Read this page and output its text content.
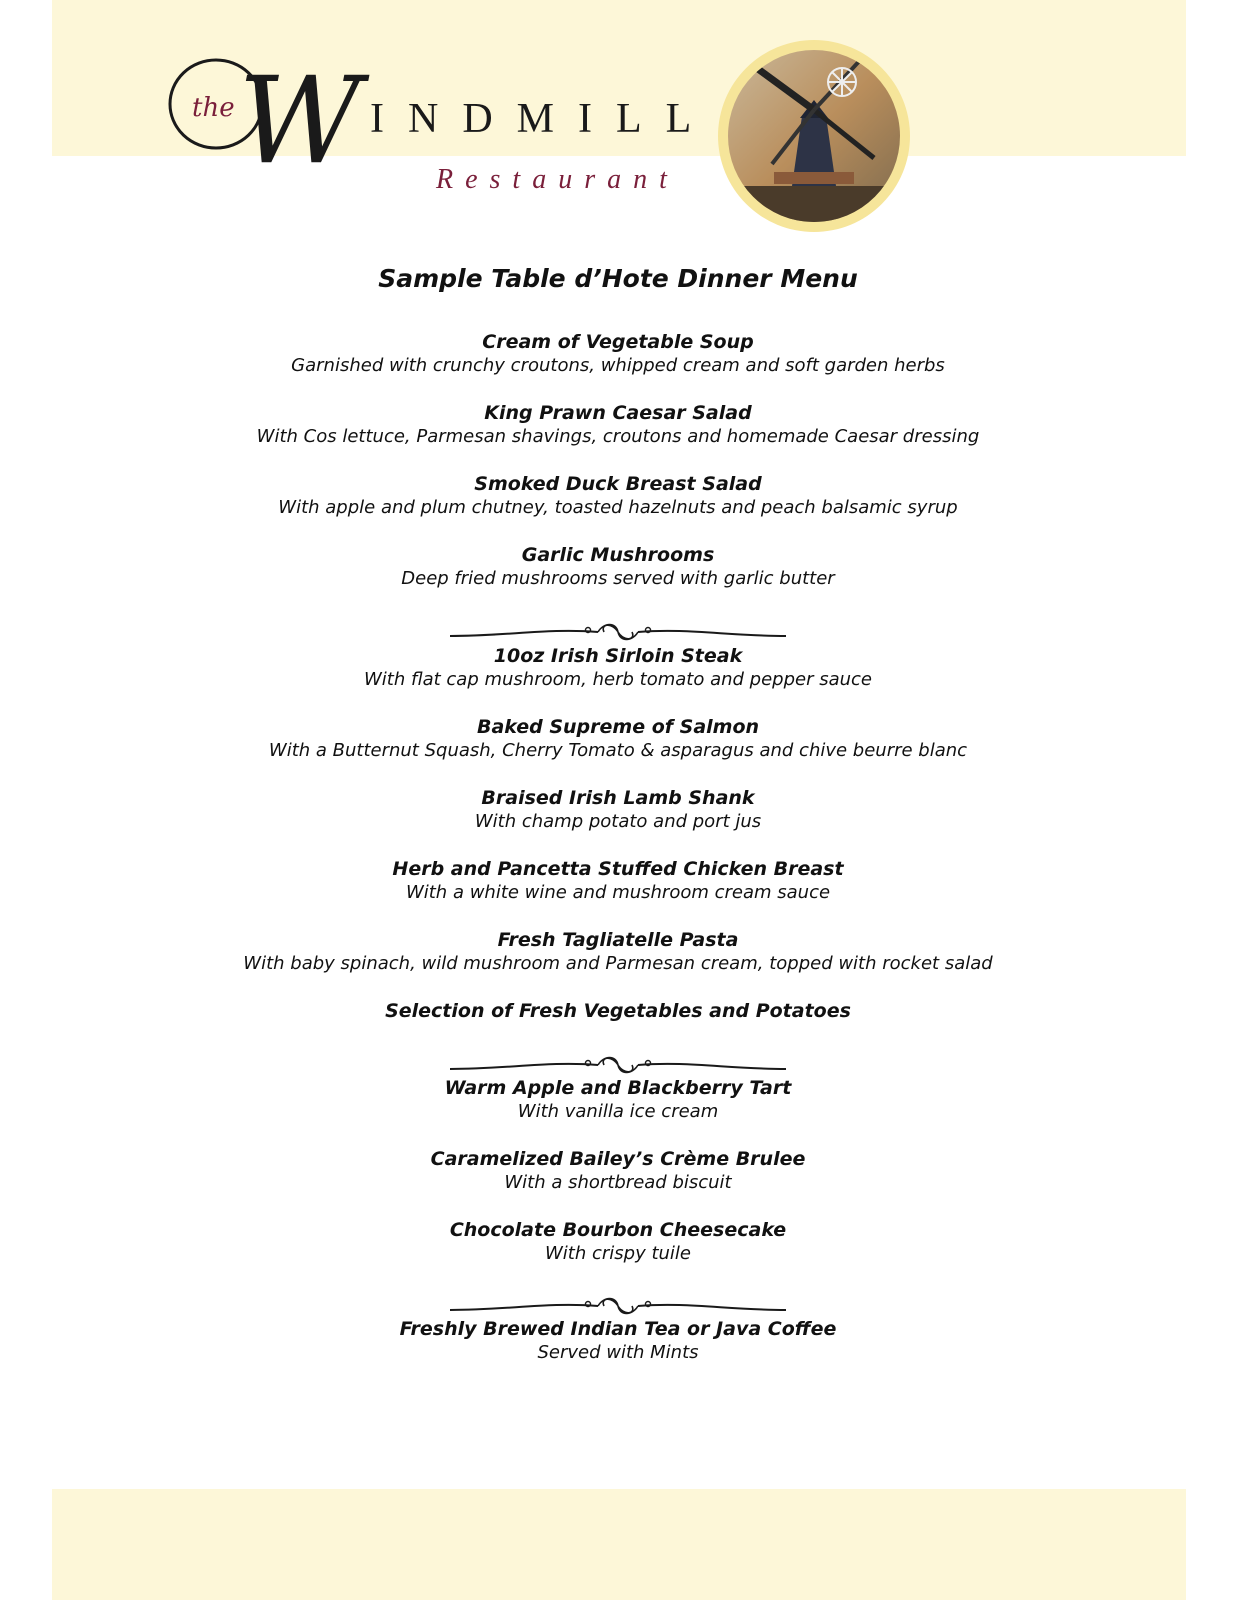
the W INDMILL
Restaurant
Sample Table d’Hote Dinner Menu
Cream of Vegetable Soup
Garnished with crunchy croutons, whipped cream and soft garden herbs
King Prawn Caesar Salad
With Cos lettuce, Parmesan shavings, croutons and homemade Caesar dressing
Smoked Duck Breast Salad
With apple and plum chutney, toasted hazelnuts and peach balsamic syrup
Garlic Mushrooms
Deep fried mushrooms served with garlic butter
10oz Irish Sirloin Steak
With flat cap mushroom, herb tomato and pepper sauce
Baked Supreme of Salmon
With a Butternut Squash, Cherry Tomato & asparagus and chive beurre blanc
Braised Irish Lamb Shank
With champ potato and port jus
Herb and Pancetta Stuffed Chicken Breast
With a white wine and mushroom cream sauce
Fresh Tagliatelle Pasta
With baby spinach, wild mushroom and Parmesan cream, topped with rocket salad
Selection of Fresh Vegetables and Potatoes
Warm Apple and Blackberry Tart
With vanilla ice cream
Caramelized Bailey’s Crème Brulee
With a shortbread biscuit
Chocolate Bourbon Cheesecake
With crispy tuile
Freshly Brewed Indian Tea or Java Coffee
Served with Mints
